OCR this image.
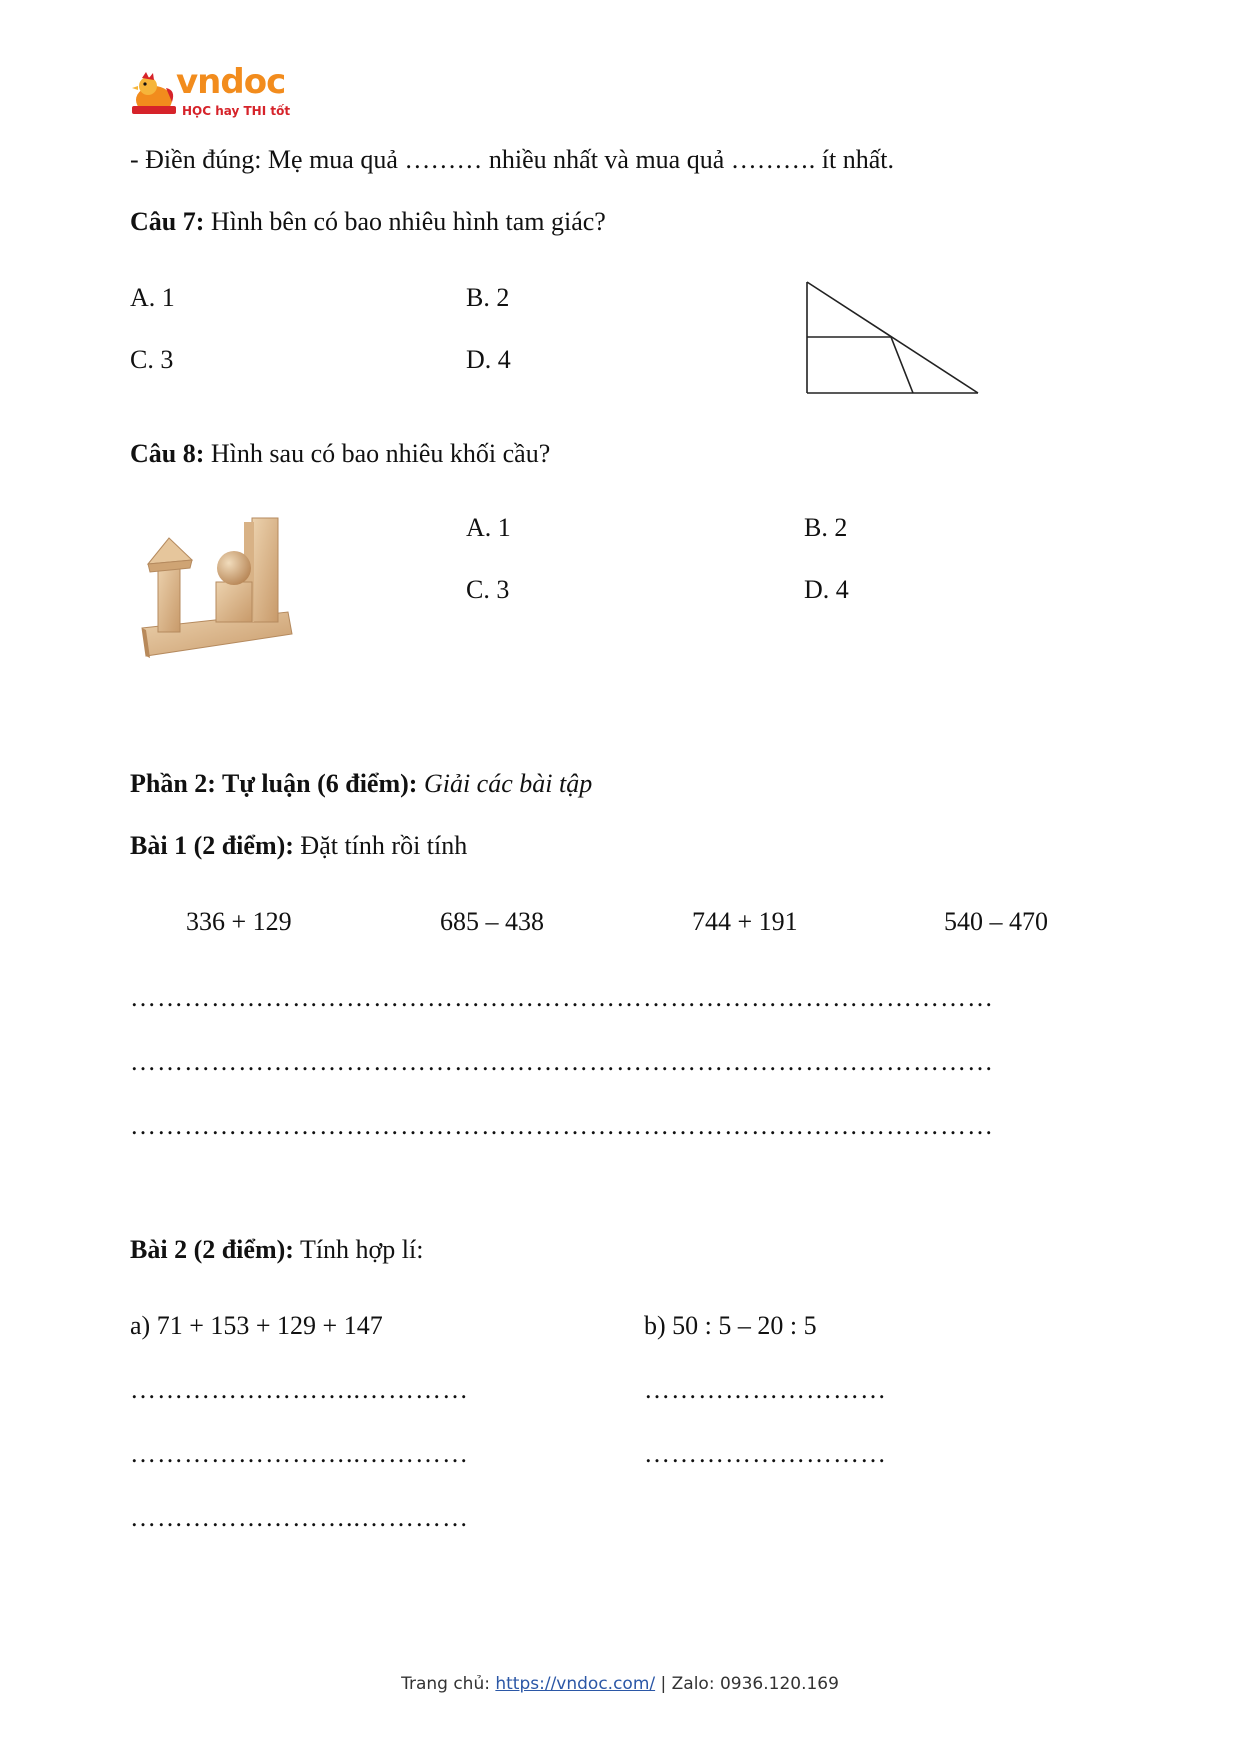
vndoc
HỌC hay THI tốt
- Điền đúng: Mẹ mua quả ……… nhiều nhất và mua quả ………. ít nhất.
Câu 7: Hình bên có bao nhiêu hình tam giác?
A. 1	B. 2
C. 3	D. 4
Câu 8: Hình sau có bao nhiêu khối cầu?
A. 1	B. 2
C. 3	D. 4
Phần 2: Tự luận (6 điểm): Giải các bài tập
Bài 1 (2 điểm): Đặt tính rồi tính
336 + 129	685 – 438	744 + 191	540 – 470
……………………………………………………………………………………
……………………………………………………………………………………
……………………………………………………………………………………
Bài 2 (2 điểm): Tính hợp lí:
a) 71 + 153 + 129 + 147	b) 50 : 5 – 20 : 5
……………………..…………
……………………..…………
……………………..…………
………………………
………………………
Trang chủ: https://vndoc.com/ | Zalo: 0936.120.169
